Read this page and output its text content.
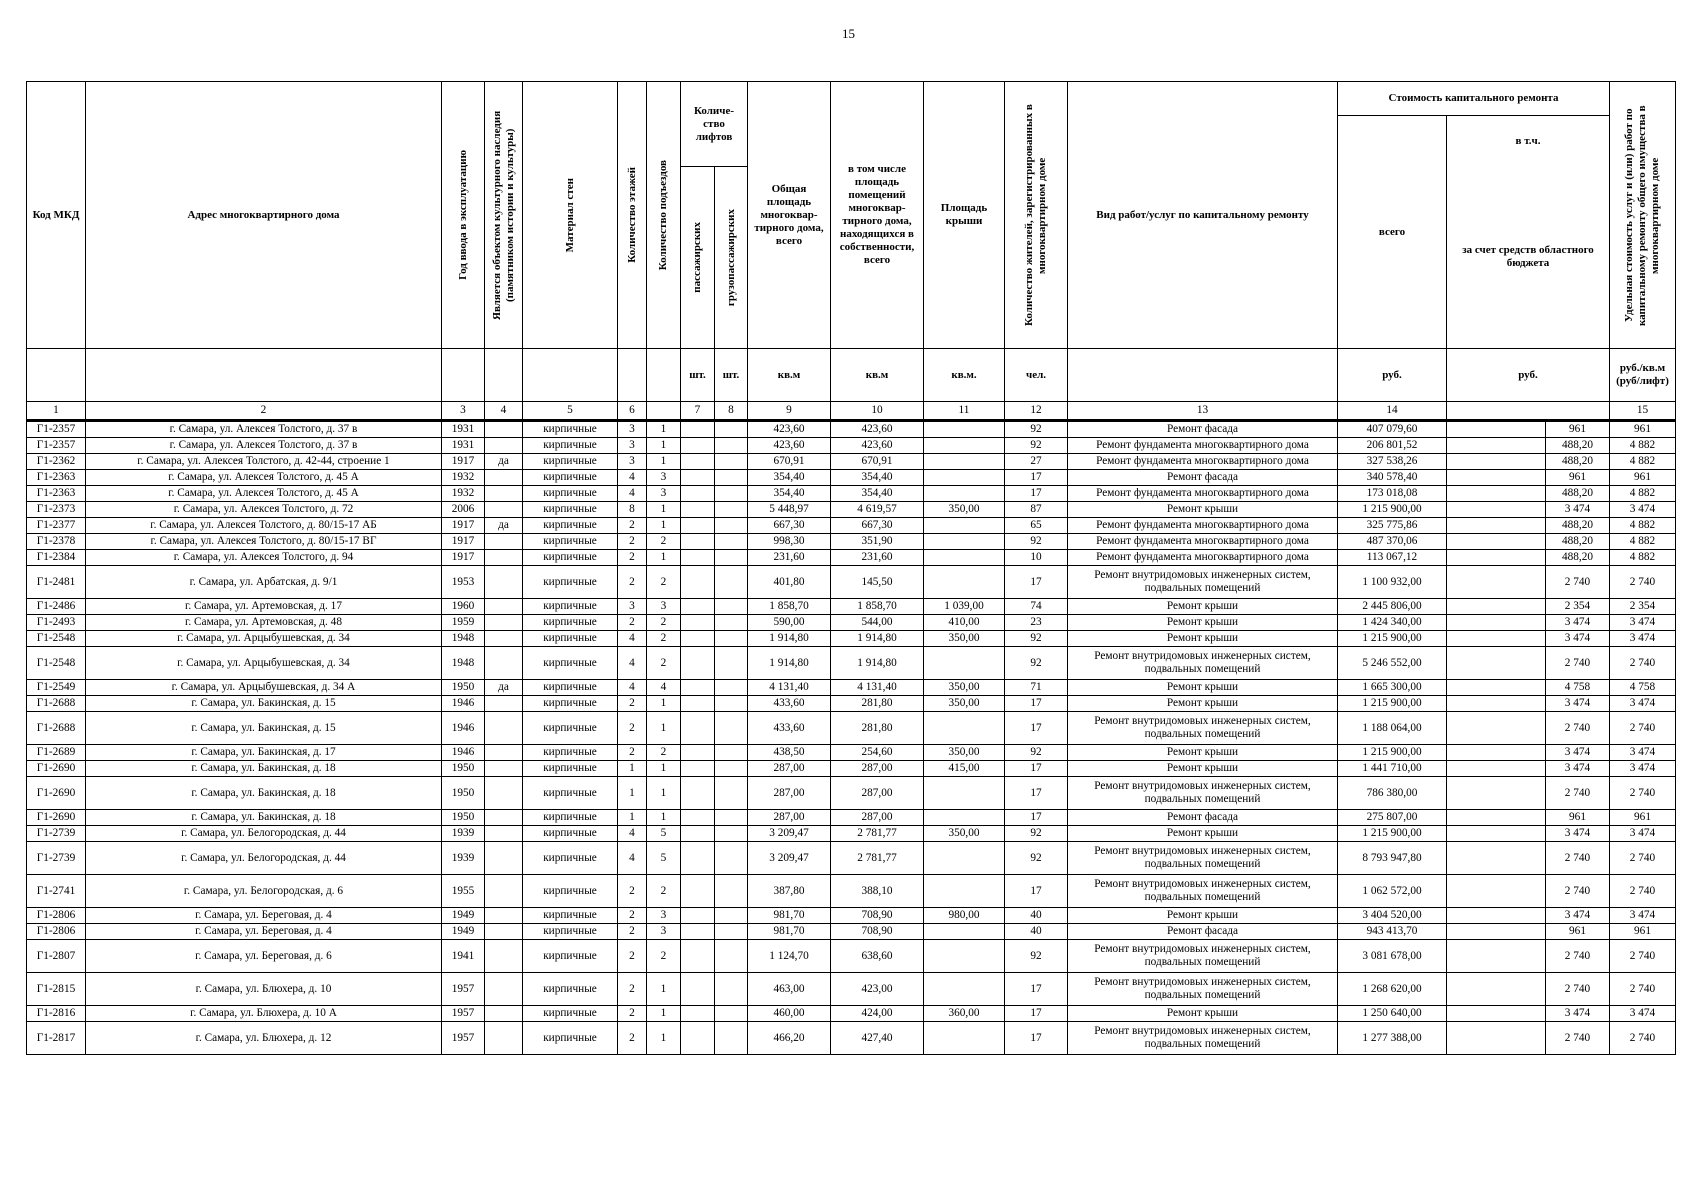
15
Код МКД	Адрес многоквартирного дома	Год ввода в эксплуатацию	Является объектом культурного наследия (памятником истории и культуры)	Материал стен	Количество этажей	Количество подъездов	Количе-ство лифтов		Общая площадь многоквар-тирного дома, всего	в том числе площадь помещений многоквар-тирного дома, находящихся в собственности, всего	Площадь крыши	Количество жителей, зарегистрированных в многоквартирном доме	Вид работ/услуг по капитальному ремонту	Стоимость капитального ремонта			Удельная стоимость услуг и (или) работ по капитальному ремонту общего имущества в многоквартирном доме

														всего	в т.ч.			

							пассажирских	грузопассажирских							за счет средств областного бюджета			
							шт.	шт.	кв.м	кв.м	кв.м.	чел.		руб.	руб.		руб./кв.м (руб/лифт)	
1	2	3	4	5	6		7	8	9	10	11	12	13	14			15	
Г1-2357	г. Самара, ул. Алексея Толстого, д. 37 в	1931		кирпичные	3	1			423,60	423,60		92	Ремонт фасада	407 079,60		961	961	
Г1-2357	г. Самара, ул. Алексея Толстого, д. 37 в	1931		кирпичные	3	1			423,60	423,60		92	Ремонт фундамента многоквартирного дома	206 801,52		488,20	4 882	
Г1-2362	г. Самара, ул. Алексея Толстого, д. 42-44, строение 1	1917	да	кирпичные	3	1			670,91	670,91		27	Ремонт фундамента многоквартирного дома	327 538,26		488,20	4 882	
Г1-2363	г. Самара, ул. Алексея Толстого, д. 45 А	1932		кирпичные	4	3			354,40	354,40		17	Ремонт фасада	340 578,40		961	961	
Г1-2363	г. Самара, ул. Алексея Толстого, д. 45 А	1932		кирпичные	4	3			354,40	354,40		17	Ремонт фундамента многоквартирного дома	173 018,08		488,20	4 882	
Г1-2373	г. Самара, ул. Алексея Толстого, д. 72	2006		кирпичные	8	1			5 448,97	4 619,57	350,00	87	Ремонт крыши	1 215 900,00		3 474	3 474	
Г1-2377	г. Самара, ул. Алексея Толстого, д. 80/15-17 АБ	1917	да	кирпичные	2	1			667,30	667,30		65	Ремонт фундамента многоквартирного дома	325 775,86		488,20	4 882	
Г1-2378	г. Самара, ул. Алексея Толстого, д. 80/15-17 ВГ	1917		кирпичные	2	2			998,30	351,90		92	Ремонт фундамента многоквартирного дома	487 370,06		488,20	4 882	
Г1-2384	г. Самара, ул. Алексея Толстого, д. 94	1917		кирпичные	2	1			231,60	231,60		10	Ремонт фундамента многоквартирного дома	113 067,12		488,20	4 882	
Г1-2481	г. Самара, ул. Арбатская, д. 9/1	1953		кирпичные	2	2			401,80	145,50		17	Ремонт внутридомовых инженерных систем, подвальных помещений	1 100 932,00		2 740	2 740	
Г1-2486	г. Самара, ул. Артемовская, д. 17	1960		кирпичные	3	3			1 858,70	1 858,70	1 039,00	74	Ремонт крыши	2 445 806,00		2 354	2 354	
Г1-2493	г. Самара, ул. Артемовская, д. 48	1959		кирпичные	2	2			590,00	544,00	410,00	23	Ремонт крыши	1 424 340,00		3 474	3 474	
Г1-2548	г. Самара, ул. Арцыбушевская, д. 34	1948		кирпичные	4	2			1 914,80	1 914,80	350,00	92	Ремонт крыши	1 215 900,00		3 474	3 474	
Г1-2548	г. Самара, ул. Арцыбушевская, д. 34	1948		кирпичные	4	2			1 914,80	1 914,80		92	Ремонт внутридомовых инженерных систем, подвальных помещений	5 246 552,00		2 740	2 740	
Г1-2549	г. Самара, ул. Арцыбушевская, д. 34 А	1950	да	кирпичные	4	4			4 131,40	4 131,40	350,00	71	Ремонт крыши	1 665 300,00		4 758	4 758	
Г1-2688	г. Самара, ул. Бакинская, д. 15	1946		кирпичные	2	1			433,60	281,80	350,00	17	Ремонт крыши	1 215 900,00		3 474	3 474	
Г1-2688	г. Самара, ул. Бакинская, д. 15	1946		кирпичные	2	1			433,60	281,80		17	Ремонт внутридомовых инженерных систем, подвальных помещений	1 188 064,00		2 740	2 740	
Г1-2689	г. Самара, ул. Бакинская, д. 17	1946		кирпичные	2	2			438,50	254,60	350,00	92	Ремонт крыши	1 215 900,00		3 474	3 474	
Г1-2690	г. Самара, ул. Бакинская, д. 18	1950		кирпичные	1	1			287,00	287,00	415,00	17	Ремонт крыши	1 441 710,00		3 474	3 474	
Г1-2690	г. Самара, ул. Бакинская, д. 18	1950		кирпичные	1	1			287,00	287,00		17	Ремонт внутридомовых инженерных систем, подвальных помещений	786 380,00		2 740	2 740	
Г1-2690	г. Самара, ул. Бакинская, д. 18	1950		кирпичные	1	1			287,00	287,00		17	Ремонт фасада	275 807,00		961	961	
Г1-2739	г. Самара, ул. Белогородская, д. 44	1939		кирпичные	4	5			3 209,47	2 781,77	350,00	92	Ремонт крыши	1 215 900,00		3 474	3 474	
Г1-2739	г. Самара, ул. Белогородская, д. 44	1939		кирпичные	4	5			3 209,47	2 781,77		92	Ремонт внутридомовых инженерных систем, подвальных помещений	8 793 947,80		2 740	2 740	
Г1-2741	г. Самара, ул. Белогородская, д. 6	1955		кирпичные	2	2			387,80	388,10		17	Ремонт внутридомовых инженерных систем, подвальных помещений	1 062 572,00		2 740	2 740	
Г1-2806	г. Самара, ул. Береговая, д. 4	1949		кирпичные	2	3			981,70	708,90	980,00	40	Ремонт крыши	3 404 520,00		3 474	3 474	
Г1-2806	г. Самара, ул. Береговая, д. 4	1949		кирпичные	2	3			981,70	708,90		40	Ремонт фасада	943 413,70		961	961	
Г1-2807	г. Самара, ул. Береговая, д. 6	1941		кирпичные	2	2			1 124,70	638,60		92	Ремонт внутридомовых инженерных систем, подвальных помещений	3 081 678,00		2 740	2 740	
Г1-2815	г. Самара, ул. Блюхера, д. 10	1957		кирпичные	2	1			463,00	423,00		17	Ремонт внутридомовых инженерных систем, подвальных помещений	1 268 620,00		2 740	2 740	
Г1-2816	г. Самара, ул. Блюхера, д. 10 А	1957		кирпичные	2	1			460,00	424,00	360,00	17	Ремонт крыши	1 250 640,00		3 474	3 474	
Г1-2817	г. Самара, ул. Блюхера, д. 12	1957		кирпичные	2	1			466,20	427,40		17	Ремонт внутридомовых инженерных систем, подвальных помещений	1 277 388,00		2 740	2 740	
